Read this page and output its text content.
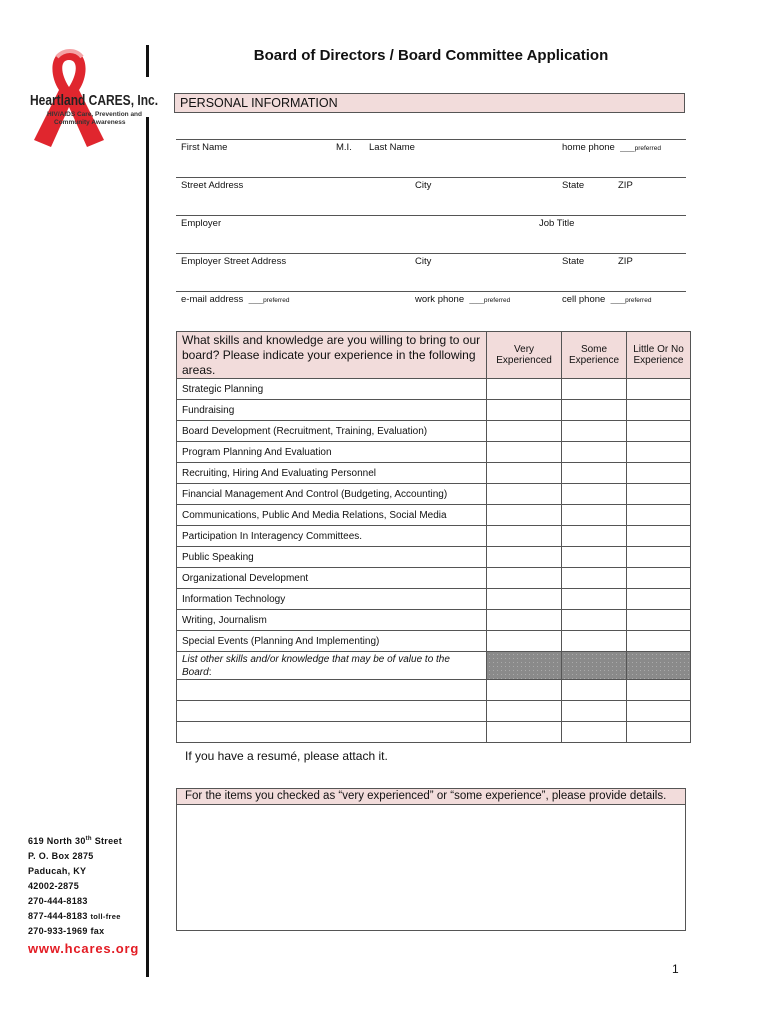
Heartland CARES, Inc.
HIV/AIDS Care, Prevention and
Community Awareness
Board of Directors / Board Committee Application
PERSONAL INFORMATION
First Name	M.I. Last Name	home phone ____preferred
Street Address	City	State	ZIP
Employer	Job Title
Employer Street Address	City	State	ZIP
e-mail address ____preferred	work phone ____preferred	cell phone ____preferred
What skills and knowledge are you willing to bring to our board? Please indicate your experience in the following areas.	Very Experienced	Some Experience	Little Or No Experience
Strategic Planning			
Fundraising			
Board Development (Recruitment, Training, Evaluation)			
Program Planning And Evaluation			
Recruiting, Hiring And Evaluating Personnel			
Financial Management And Control (Budgeting, Accounting)			
Communications, Public And Media Relations, Social Media			
Participation In Interagency Committees.			
Public Speaking			
Organizational Development			
Information Technology			
Writing, Journalism			
Special Events (Planning And Implementing)			
List other skills and/or knowledge that may be of value to the
Board:			

If you have a resumé, please attach it.
For the items you checked as “very experienced” or “some experience”, please provide details.
619 North 30th Street
P. O. Box 2875
Paducah, KY
42002-2875
270-444-8183
877-444-8183 toll-free
270-933-1969 fax
www.hcares.org
1
